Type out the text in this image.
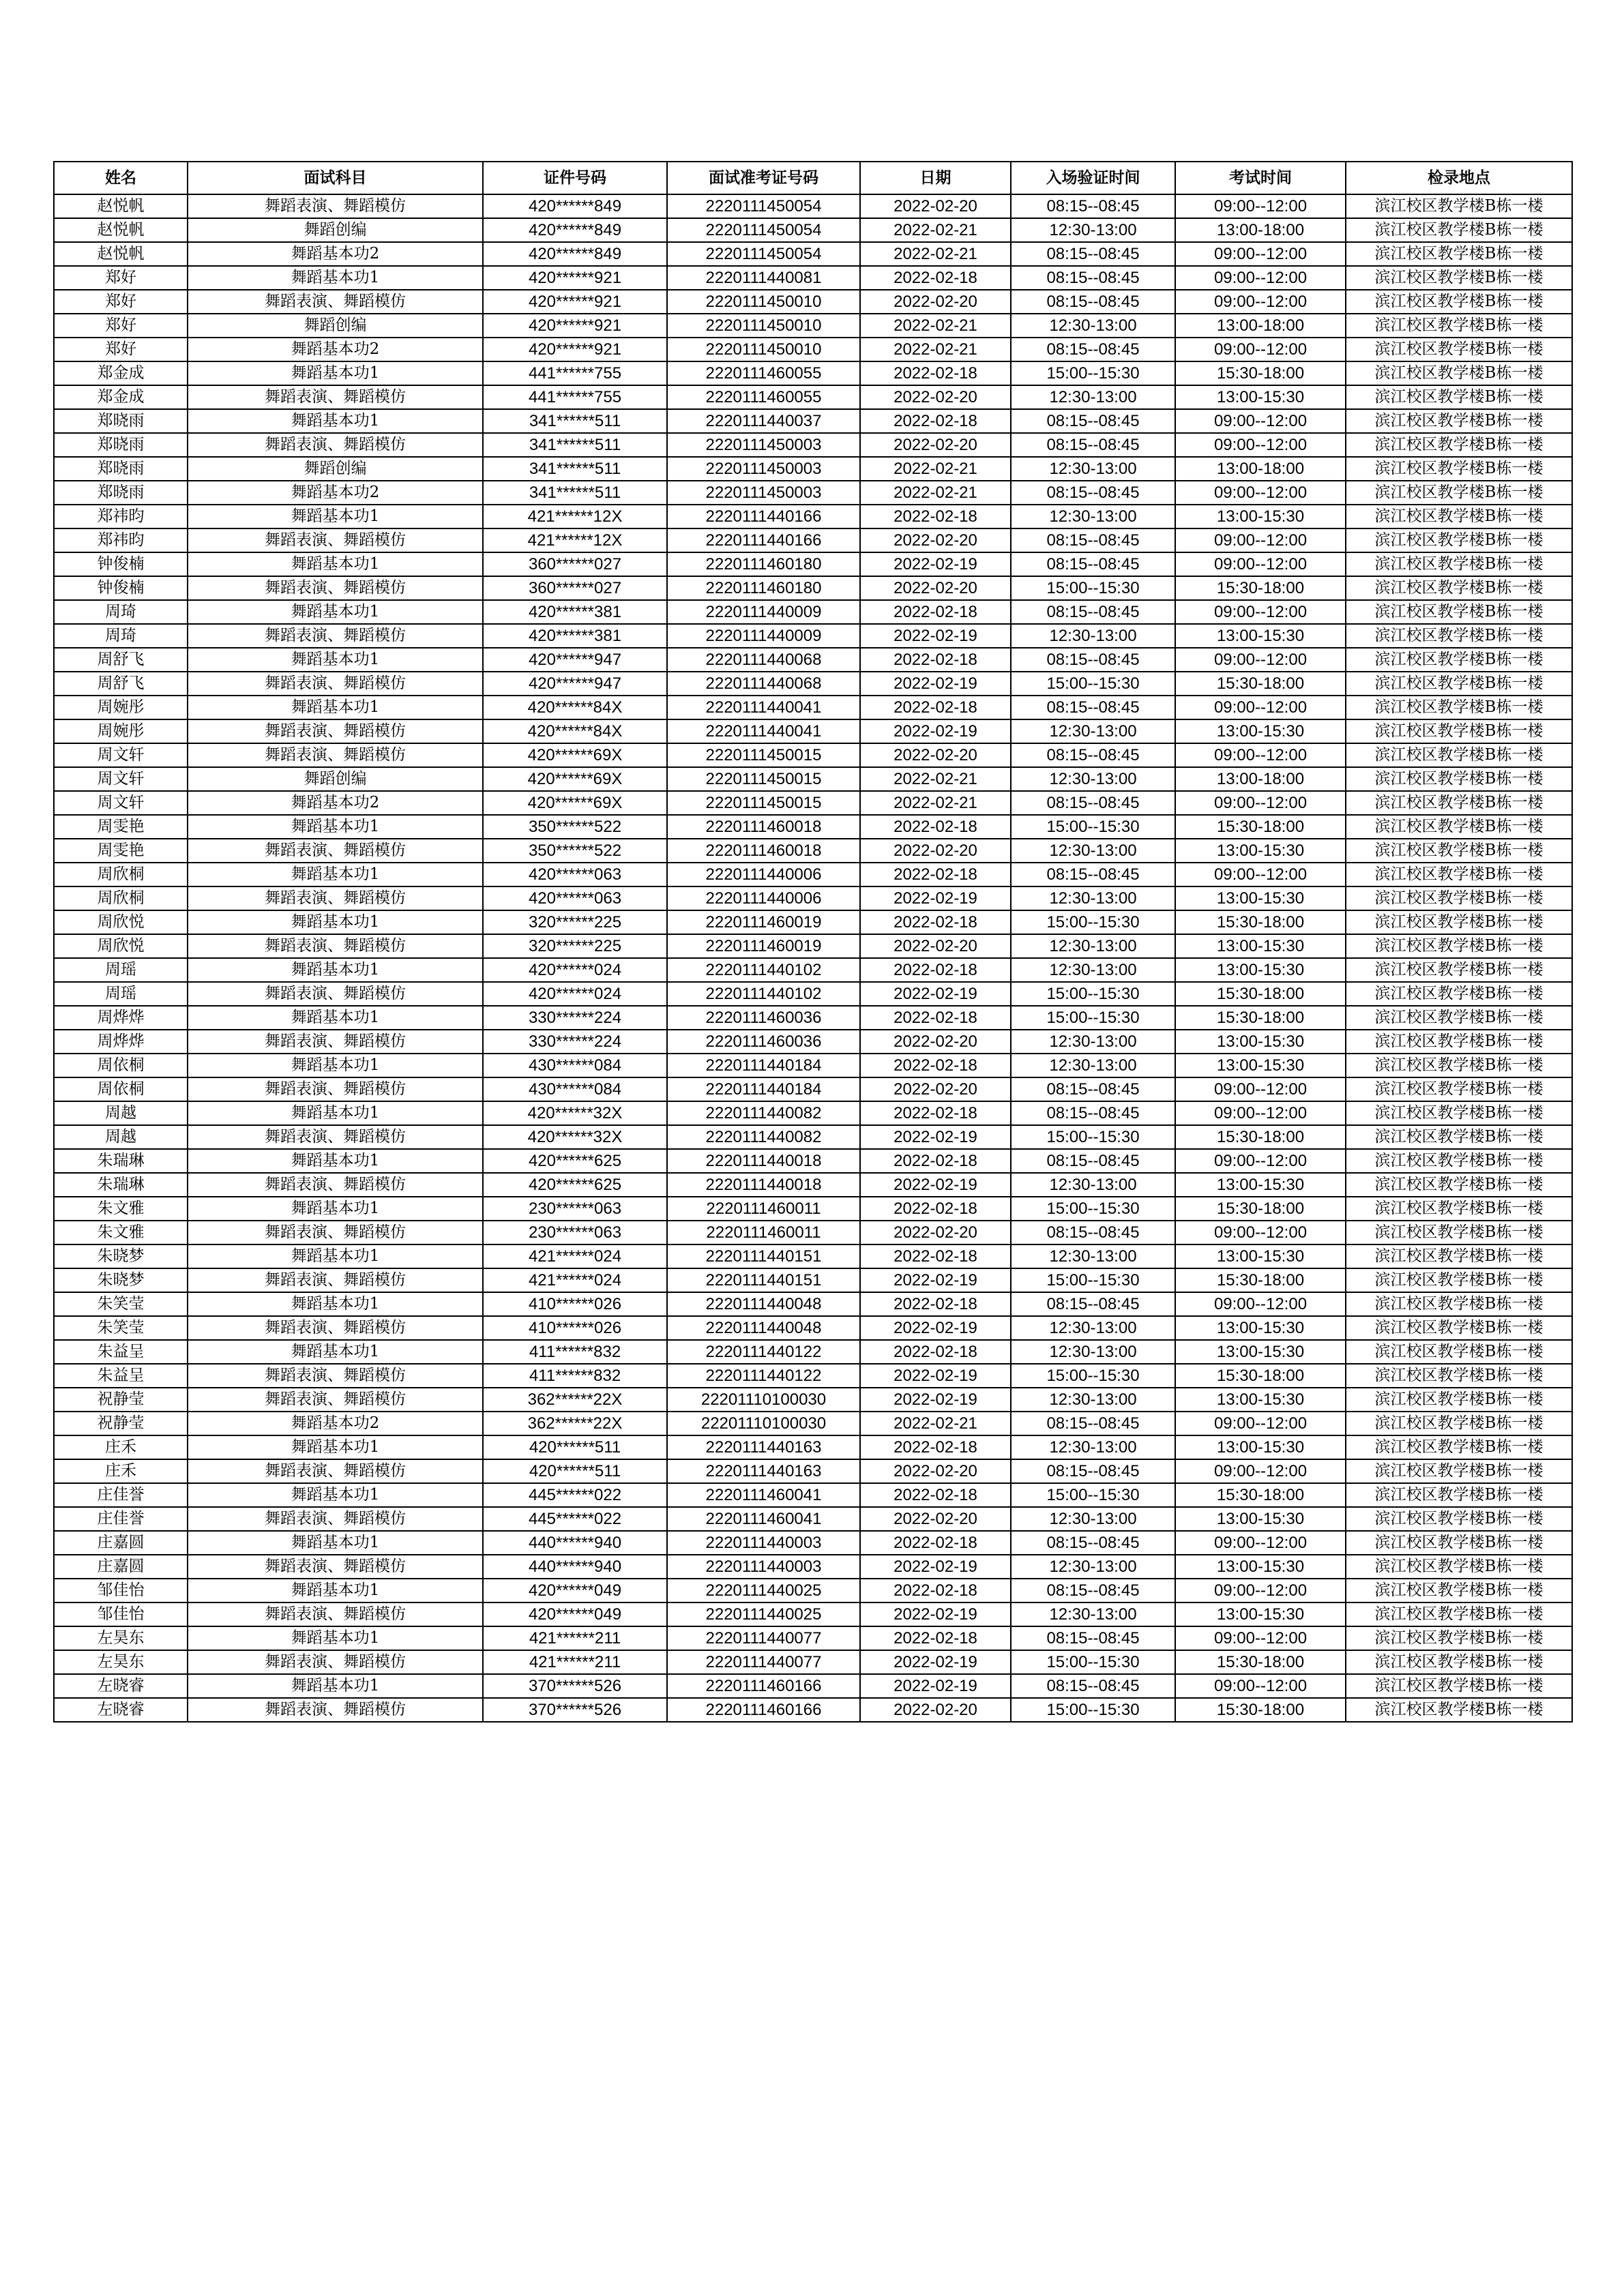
姓名	面试科目	证件号码	面试准考证号码	日期	入场验证时间	考试时间	检录地点
赵悦帆	舞蹈表演、舞蹈模仿	420******849	2220111450054	2022-02-20	08:15--08:45	09:00--12:00	滨江校区教学楼B栋一楼
赵悦帆	舞蹈创编	420******849	2220111450054	2022-02-21	12:30-13:00	13:00-18:00	滨江校区教学楼B栋一楼
赵悦帆	舞蹈基本功2	420******849	2220111450054	2022-02-21	08:15--08:45	09:00--12:00	滨江校区教学楼B栋一楼
郑好	舞蹈基本功1	420******921	2220111440081	2022-02-18	08:15--08:45	09:00--12:00	滨江校区教学楼B栋一楼
郑好	舞蹈表演、舞蹈模仿	420******921	2220111450010	2022-02-20	08:15--08:45	09:00--12:00	滨江校区教学楼B栋一楼
郑好	舞蹈创编	420******921	2220111450010	2022-02-21	12:30-13:00	13:00-18:00	滨江校区教学楼B栋一楼
郑好	舞蹈基本功2	420******921	2220111450010	2022-02-21	08:15--08:45	09:00--12:00	滨江校区教学楼B栋一楼
郑金成	舞蹈基本功1	441******755	2220111460055	2022-02-18	15:00--15:30	15:30-18:00	滨江校区教学楼B栋一楼
郑金成	舞蹈表演、舞蹈模仿	441******755	2220111460055	2022-02-20	12:30-13:00	13:00-15:30	滨江校区教学楼B栋一楼
郑晓雨	舞蹈基本功1	341******511	2220111440037	2022-02-18	08:15--08:45	09:00--12:00	滨江校区教学楼B栋一楼
郑晓雨	舞蹈表演、舞蹈模仿	341******511	2220111450003	2022-02-20	08:15--08:45	09:00--12:00	滨江校区教学楼B栋一楼
郑晓雨	舞蹈创编	341******511	2220111450003	2022-02-21	12:30-13:00	13:00-18:00	滨江校区教学楼B栋一楼
郑晓雨	舞蹈基本功2	341******511	2220111450003	2022-02-21	08:15--08:45	09:00--12:00	滨江校区教学楼B栋一楼
郑祎昀	舞蹈基本功1	421******12X	2220111440166	2022-02-18	12:30-13:00	13:00-15:30	滨江校区教学楼B栋一楼
郑祎昀	舞蹈表演、舞蹈模仿	421******12X	2220111440166	2022-02-20	08:15--08:45	09:00--12:00	滨江校区教学楼B栋一楼
钟俊楠	舞蹈基本功1	360******027	2220111460180	2022-02-19	08:15--08:45	09:00--12:00	滨江校区教学楼B栋一楼
钟俊楠	舞蹈表演、舞蹈模仿	360******027	2220111460180	2022-02-20	15:00--15:30	15:30-18:00	滨江校区教学楼B栋一楼
周琦	舞蹈基本功1	420******381	2220111440009	2022-02-18	08:15--08:45	09:00--12:00	滨江校区教学楼B栋一楼
周琦	舞蹈表演、舞蹈模仿	420******381	2220111440009	2022-02-19	12:30-13:00	13:00-15:30	滨江校区教学楼B栋一楼
周舒飞	舞蹈基本功1	420******947	2220111440068	2022-02-18	08:15--08:45	09:00--12:00	滨江校区教学楼B栋一楼
周舒飞	舞蹈表演、舞蹈模仿	420******947	2220111440068	2022-02-19	15:00--15:30	15:30-18:00	滨江校区教学楼B栋一楼
周婉彤	舞蹈基本功1	420******84X	2220111440041	2022-02-18	08:15--08:45	09:00--12:00	滨江校区教学楼B栋一楼
周婉彤	舞蹈表演、舞蹈模仿	420******84X	2220111440041	2022-02-19	12:30-13:00	13:00-15:30	滨江校区教学楼B栋一楼
周文轩	舞蹈表演、舞蹈模仿	420******69X	2220111450015	2022-02-20	08:15--08:45	09:00--12:00	滨江校区教学楼B栋一楼
周文轩	舞蹈创编	420******69X	2220111450015	2022-02-21	12:30-13:00	13:00-18:00	滨江校区教学楼B栋一楼
周文轩	舞蹈基本功2	420******69X	2220111450015	2022-02-21	08:15--08:45	09:00--12:00	滨江校区教学楼B栋一楼
周雯艳	舞蹈基本功1	350******522	2220111460018	2022-02-18	15:00--15:30	15:30-18:00	滨江校区教学楼B栋一楼
周雯艳	舞蹈表演、舞蹈模仿	350******522	2220111460018	2022-02-20	12:30-13:00	13:00-15:30	滨江校区教学楼B栋一楼
周欣桐	舞蹈基本功1	420******063	2220111440006	2022-02-18	08:15--08:45	09:00--12:00	滨江校区教学楼B栋一楼
周欣桐	舞蹈表演、舞蹈模仿	420******063	2220111440006	2022-02-19	12:30-13:00	13:00-15:30	滨江校区教学楼B栋一楼
周欣悦	舞蹈基本功1	320******225	2220111460019	2022-02-18	15:00--15:30	15:30-18:00	滨江校区教学楼B栋一楼
周欣悦	舞蹈表演、舞蹈模仿	320******225	2220111460019	2022-02-20	12:30-13:00	13:00-15:30	滨江校区教学楼B栋一楼
周瑶	舞蹈基本功1	420******024	2220111440102	2022-02-18	12:30-13:00	13:00-15:30	滨江校区教学楼B栋一楼
周瑶	舞蹈表演、舞蹈模仿	420******024	2220111440102	2022-02-19	15:00--15:30	15:30-18:00	滨江校区教学楼B栋一楼
周烨烨	舞蹈基本功1	330******224	2220111460036	2022-02-18	15:00--15:30	15:30-18:00	滨江校区教学楼B栋一楼
周烨烨	舞蹈表演、舞蹈模仿	330******224	2220111460036	2022-02-20	12:30-13:00	13:00-15:30	滨江校区教学楼B栋一楼
周依桐	舞蹈基本功1	430******084	2220111440184	2022-02-18	12:30-13:00	13:00-15:30	滨江校区教学楼B栋一楼
周依桐	舞蹈表演、舞蹈模仿	430******084	2220111440184	2022-02-20	08:15--08:45	09:00--12:00	滨江校区教学楼B栋一楼
周越	舞蹈基本功1	420******32X	2220111440082	2022-02-18	08:15--08:45	09:00--12:00	滨江校区教学楼B栋一楼
周越	舞蹈表演、舞蹈模仿	420******32X	2220111440082	2022-02-19	15:00--15:30	15:30-18:00	滨江校区教学楼B栋一楼
朱瑞琳	舞蹈基本功1	420******625	2220111440018	2022-02-18	08:15--08:45	09:00--12:00	滨江校区教学楼B栋一楼
朱瑞琳	舞蹈表演、舞蹈模仿	420******625	2220111440018	2022-02-19	12:30-13:00	13:00-15:30	滨江校区教学楼B栋一楼
朱文雅	舞蹈基本功1	230******063	2220111460011	2022-02-18	15:00--15:30	15:30-18:00	滨江校区教学楼B栋一楼
朱文雅	舞蹈表演、舞蹈模仿	230******063	2220111460011	2022-02-20	08:15--08:45	09:00--12:00	滨江校区教学楼B栋一楼
朱晓梦	舞蹈基本功1	421******024	2220111440151	2022-02-18	12:30-13:00	13:00-15:30	滨江校区教学楼B栋一楼
朱晓梦	舞蹈表演、舞蹈模仿	421******024	2220111440151	2022-02-19	15:00--15:30	15:30-18:00	滨江校区教学楼B栋一楼
朱笑莹	舞蹈基本功1	410******026	2220111440048	2022-02-18	08:15--08:45	09:00--12:00	滨江校区教学楼B栋一楼
朱笑莹	舞蹈表演、舞蹈模仿	410******026	2220111440048	2022-02-19	12:30-13:00	13:00-15:30	滨江校区教学楼B栋一楼
朱益呈	舞蹈基本功1	411******832	2220111440122	2022-02-18	12:30-13:00	13:00-15:30	滨江校区教学楼B栋一楼
朱益呈	舞蹈表演、舞蹈模仿	411******832	2220111440122	2022-02-19	15:00--15:30	15:30-18:00	滨江校区教学楼B栋一楼
祝静莹	舞蹈表演、舞蹈模仿	362******22X	22201110100030	2022-02-19	12:30-13:00	13:00-15:30	滨江校区教学楼B栋一楼
祝静莹	舞蹈基本功2	362******22X	22201110100030	2022-02-21	08:15--08:45	09:00--12:00	滨江校区教学楼B栋一楼
庄禾	舞蹈基本功1	420******511	2220111440163	2022-02-18	12:30-13:00	13:00-15:30	滨江校区教学楼B栋一楼
庄禾	舞蹈表演、舞蹈模仿	420******511	2220111440163	2022-02-20	08:15--08:45	09:00--12:00	滨江校区教学楼B栋一楼
庄佳誉	舞蹈基本功1	445******022	2220111460041	2022-02-18	15:00--15:30	15:30-18:00	滨江校区教学楼B栋一楼
庄佳誉	舞蹈表演、舞蹈模仿	445******022	2220111460041	2022-02-20	12:30-13:00	13:00-15:30	滨江校区教学楼B栋一楼
庄嘉圆	舞蹈基本功1	440******940	2220111440003	2022-02-18	08:15--08:45	09:00--12:00	滨江校区教学楼B栋一楼
庄嘉圆	舞蹈表演、舞蹈模仿	440******940	2220111440003	2022-02-19	12:30-13:00	13:00-15:30	滨江校区教学楼B栋一楼
邹佳怡	舞蹈基本功1	420******049	2220111440025	2022-02-18	08:15--08:45	09:00--12:00	滨江校区教学楼B栋一楼
邹佳怡	舞蹈表演、舞蹈模仿	420******049	2220111440025	2022-02-19	12:30-13:00	13:00-15:30	滨江校区教学楼B栋一楼
左昊东	舞蹈基本功1	421******211	2220111440077	2022-02-18	08:15--08:45	09:00--12:00	滨江校区教学楼B栋一楼
左昊东	舞蹈表演、舞蹈模仿	421******211	2220111440077	2022-02-19	15:00--15:30	15:30-18:00	滨江校区教学楼B栋一楼
左晓睿	舞蹈基本功1	370******526	2220111460166	2022-02-19	08:15--08:45	09:00--12:00	滨江校区教学楼B栋一楼
左晓睿	舞蹈表演、舞蹈模仿	370******526	2220111460166	2022-02-20	15:00--15:30	15:30-18:00	滨江校区教学楼B栋一楼
